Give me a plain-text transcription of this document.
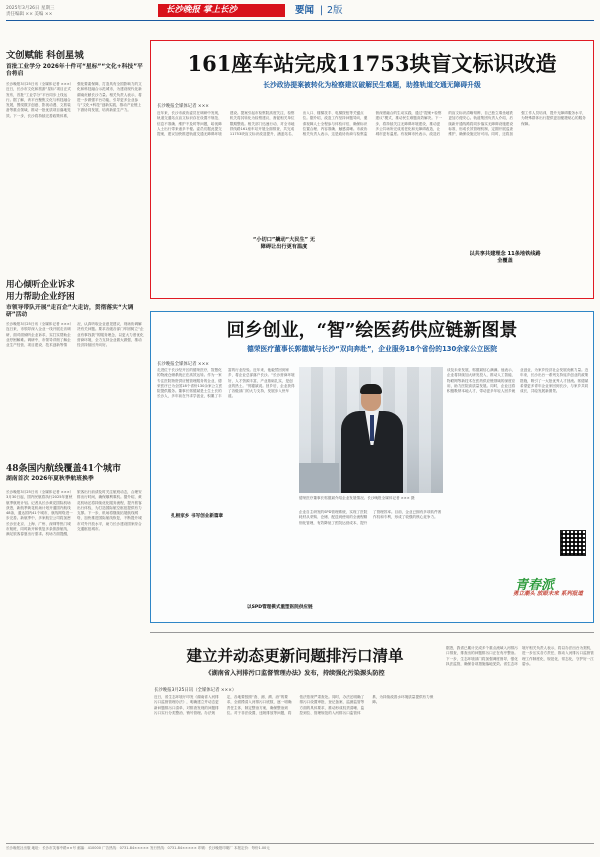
2025年3月26日 星期三
责任编辑 ×× 美编 ××	长沙晚报 掌上长沙	要闻 | 2版
文创赋能 科创星城
首批工业学分 2026年十件可“星标”“文化+科技”平台将启
长沙晚报3月25日讯（全媒体记者 ×××）近日，长沙市文化和旅游“星标”项目正式发布，首批“工业学分”平台同步上线运行。据了解，该平台聚焦文化与科技融合发展，围绕数字创意、影视动漫、文旅装备等重点领域，推动一批优质项目落地见效。下一步，长沙将持续完善政策体系，强化要素保障，打造具有全国影响力的文化和科技融合示范城市，为建设现代化新湖南贡献长沙力量。相关负责人表示，将进一步做强平台功能，引导更多企业参与“文化+科技”创新实践，推动产业链上下游协同发展，培育新质生产力。
用心倾听企业诉求
用力帮助企业纾困
市领导带队开展“走百企”大走访，贯彻落实“大调研”活动
长沙晚报3月25日讯（全媒体记者 ×××）连日来，市领导深入企业一线开展走访调研，面对面倾听企业诉求，实打实帮助企业纾困解难。调研中，市领导详细了解企业生产经营、项目建设、技术创新等情况，认真听取企业意见建议，现场协调解决有关问题。要求各级各部门牢固树立“企业有事找我”的服务理念，以更大力度优化营商环境，全力支持企业做大做强，推动经济持续回升向好。
48条国内航线覆盖41个城市
湖南首次 2026年夏秋季航班换季
长沙晚报3月25日讯（全媒体记者 ×××）3月30日起，国内民航将执行2025年夏秋航季航班计划。记者从长沙黄花国际机场获悉，新航季黄花机场计划开通国内航线48条，通达国内41个城市，航线网络进一步完善。新航季中，多家航空公司将加密长沙至北京、上海、广州、深圳等热门城市航班，同时新开和恢复多条旅游航线，满足旅客春夏出行需求。机场方面提醒，旅客出行前请及时关注航班动态，合理安排出行时间，确保顺利乘机。据介绍，黄花机场还将持续优化服务流程，提升旅客出行体验，为打造国际航空枢纽提供有力支撑。下一步，机场将继续拓展航线网络，加快推进国际航线恢复，不断提升城市对外开放水平，助力长沙建设国家综合交通枢纽城市。
161座车站完成11753块盲文标识改造
长沙政协提案被转化为检察建议破解民生难题，助推轨道交通无障碍升级
长沙晚报全媒体记者 ×××
近年来，长沙市政协委员在调研中发现，轨道交通站点盲文标识存在设置不规范、信息不准确、维护不及时等问题，给视障人士出行带来诸多不便。委员们据此提交提案，建议加快推进轨道交通无障碍环境建设。提案引起市检察院高度关注，检察机关将其转化为检察建议，督促相关单位限期整改。相关部门迅速行动，对全市地铁线路161座车站开展全面排查，共完成11753块盲文标识改造提升，涵盖站名、出入口、楼梯扶手、电梯按钮等关键点位。据介绍，改造工作坚持问题导向，邀请视障人士全程参与体验评估，确保标识位置合理、内容准确、触感清晰。市政协相关负责人表示，这是政协协商与检察监督深度融合的生动实践，通过“提案+检察建议”模式，推动民生难题高效解决。下一步，将持续关注无障碍环境建设，推动更多公共场所完成适老化和无障碍改造，让城市更有温度。有视障市民表示，改造后的盲文标识清晰易辨，自己独立乘坐地铁更加方便安心。轨道集团负责人介绍，后续新开通线路将同步落实无障碍设施建设标准，形成长效管理机制，定期开展巡查维护，确保设施完好可用。同时，还将加强工作人员培训，提升无障碍服务水平，为特殊群体出行提供更加便捷贴心的服务保障。
“小切口”撬动“大民生” 无障碍让出行更有温度
以共享共建理念 11条地铁线路全覆盖
回乡创业，“智”绘医药供应链新图景
德荣医疗董事长郭德斌与长沙“双向奔赴”，企业服务18个省份的130余家公立医院
长沙晚报全媒体记者 ×××
走进位于长沙经开区的德荣医疗，智慧化的物流仓储系统正在高效运转。作为一家专注医院物资供应链管理服务的企业，德荣医疗已为全国18个省份130余家公立医院提供服务。董事长郭德斌是土生土长的长沙人，多年前在外求学创业，积累了丰富的行业经验。近年来，他毅然回到家乡，将企业总部落户长沙。“长沙营商环境好，人才资源丰富，产业基础扎实，是创业的热土。”郭德斌说。回乡后，企业获得了各级部门的大力支持，发展步入快车道。
德荣医疗董事长郭德斌介绍企业发展情况。长沙晚报全媒体记者 ××× 摄
企业自主研发的SPD管理系统，实现了医院耗材从采购、仓储、配送到使用的全流程精细化管理，有效降低了医院运营成本，提升了管理效率。目前，企业已拥有多项软件著作权和专利，形成了较强的核心竞争力。
谈及未来发展，郭德斌信心满满。他表示，企业将持续加大研发投入，推动人工智能、物联网等新技术在医药供应链领域的深度应用，助力医院高质量发展。同时，企业还将积极吸纳本地人才，带动更多年轻人回乡就业创业，为家乡经济社会发展贡献力量。近年来，长沙出台一系列支持返乡创业的政策措施，吸引了一大批优秀人才回流。郭德斌希望更多青年企业家回到长沙，与家乡共同成长，共绘发展新图景。
扎根家乡 书写创业新篇章
以SPD管理模式重塑医院供应链
青春派
勇立潮头 放眼未来 系列报道
建立并动态更新问题排污口清单
《湖南省入河排污口监督管理办法》发布，持续强化污染源头防控
长沙晚报3月25日讯（全媒体记者 ×××）
近日，省生态环境厅印发《湖南省入河排污口监督管理办法》，明确建立并动态更新问题排污口清单，对排查发现的问题排污口实行分类整治、销号管理。办法规定，各地要按照“查、测、溯、治”的要求，全面摸清入河排污口底数，逐一明确责任主体，制定整治方案，确保整治到位。对于非法设置、违规排放等问题，将依法依规严肃查处。同时，办法还明确了排污口设置审批、登记备案、监测监管等方面的具体要求，推动形成权责清晰、监控到位、管理规范的入河排污口监管体系，为持续改善水环境质量提供有力保障。
据悉，我省已累计完成多个重点流域入河排污口排查，排查出的问题排污口正在有序整治。下一步，生态环境部门将加强调度督导，强化执法监管，确保各项措施落地见效。省生态环境厅相关负责人表示，将以办法出台为契机，进一步压实各方责任，推动入河排污口监督管理工作制度化、规范化、常态化，守护好一江碧水。
长沙晚报社出版 地址：长沙市芙蓉中路××号 邮编：410000 广告热线：0731-84××××× 发行热线：0731-84××××× 印刷：长沙晚报印刷厂 本报定价：每份1.00元
